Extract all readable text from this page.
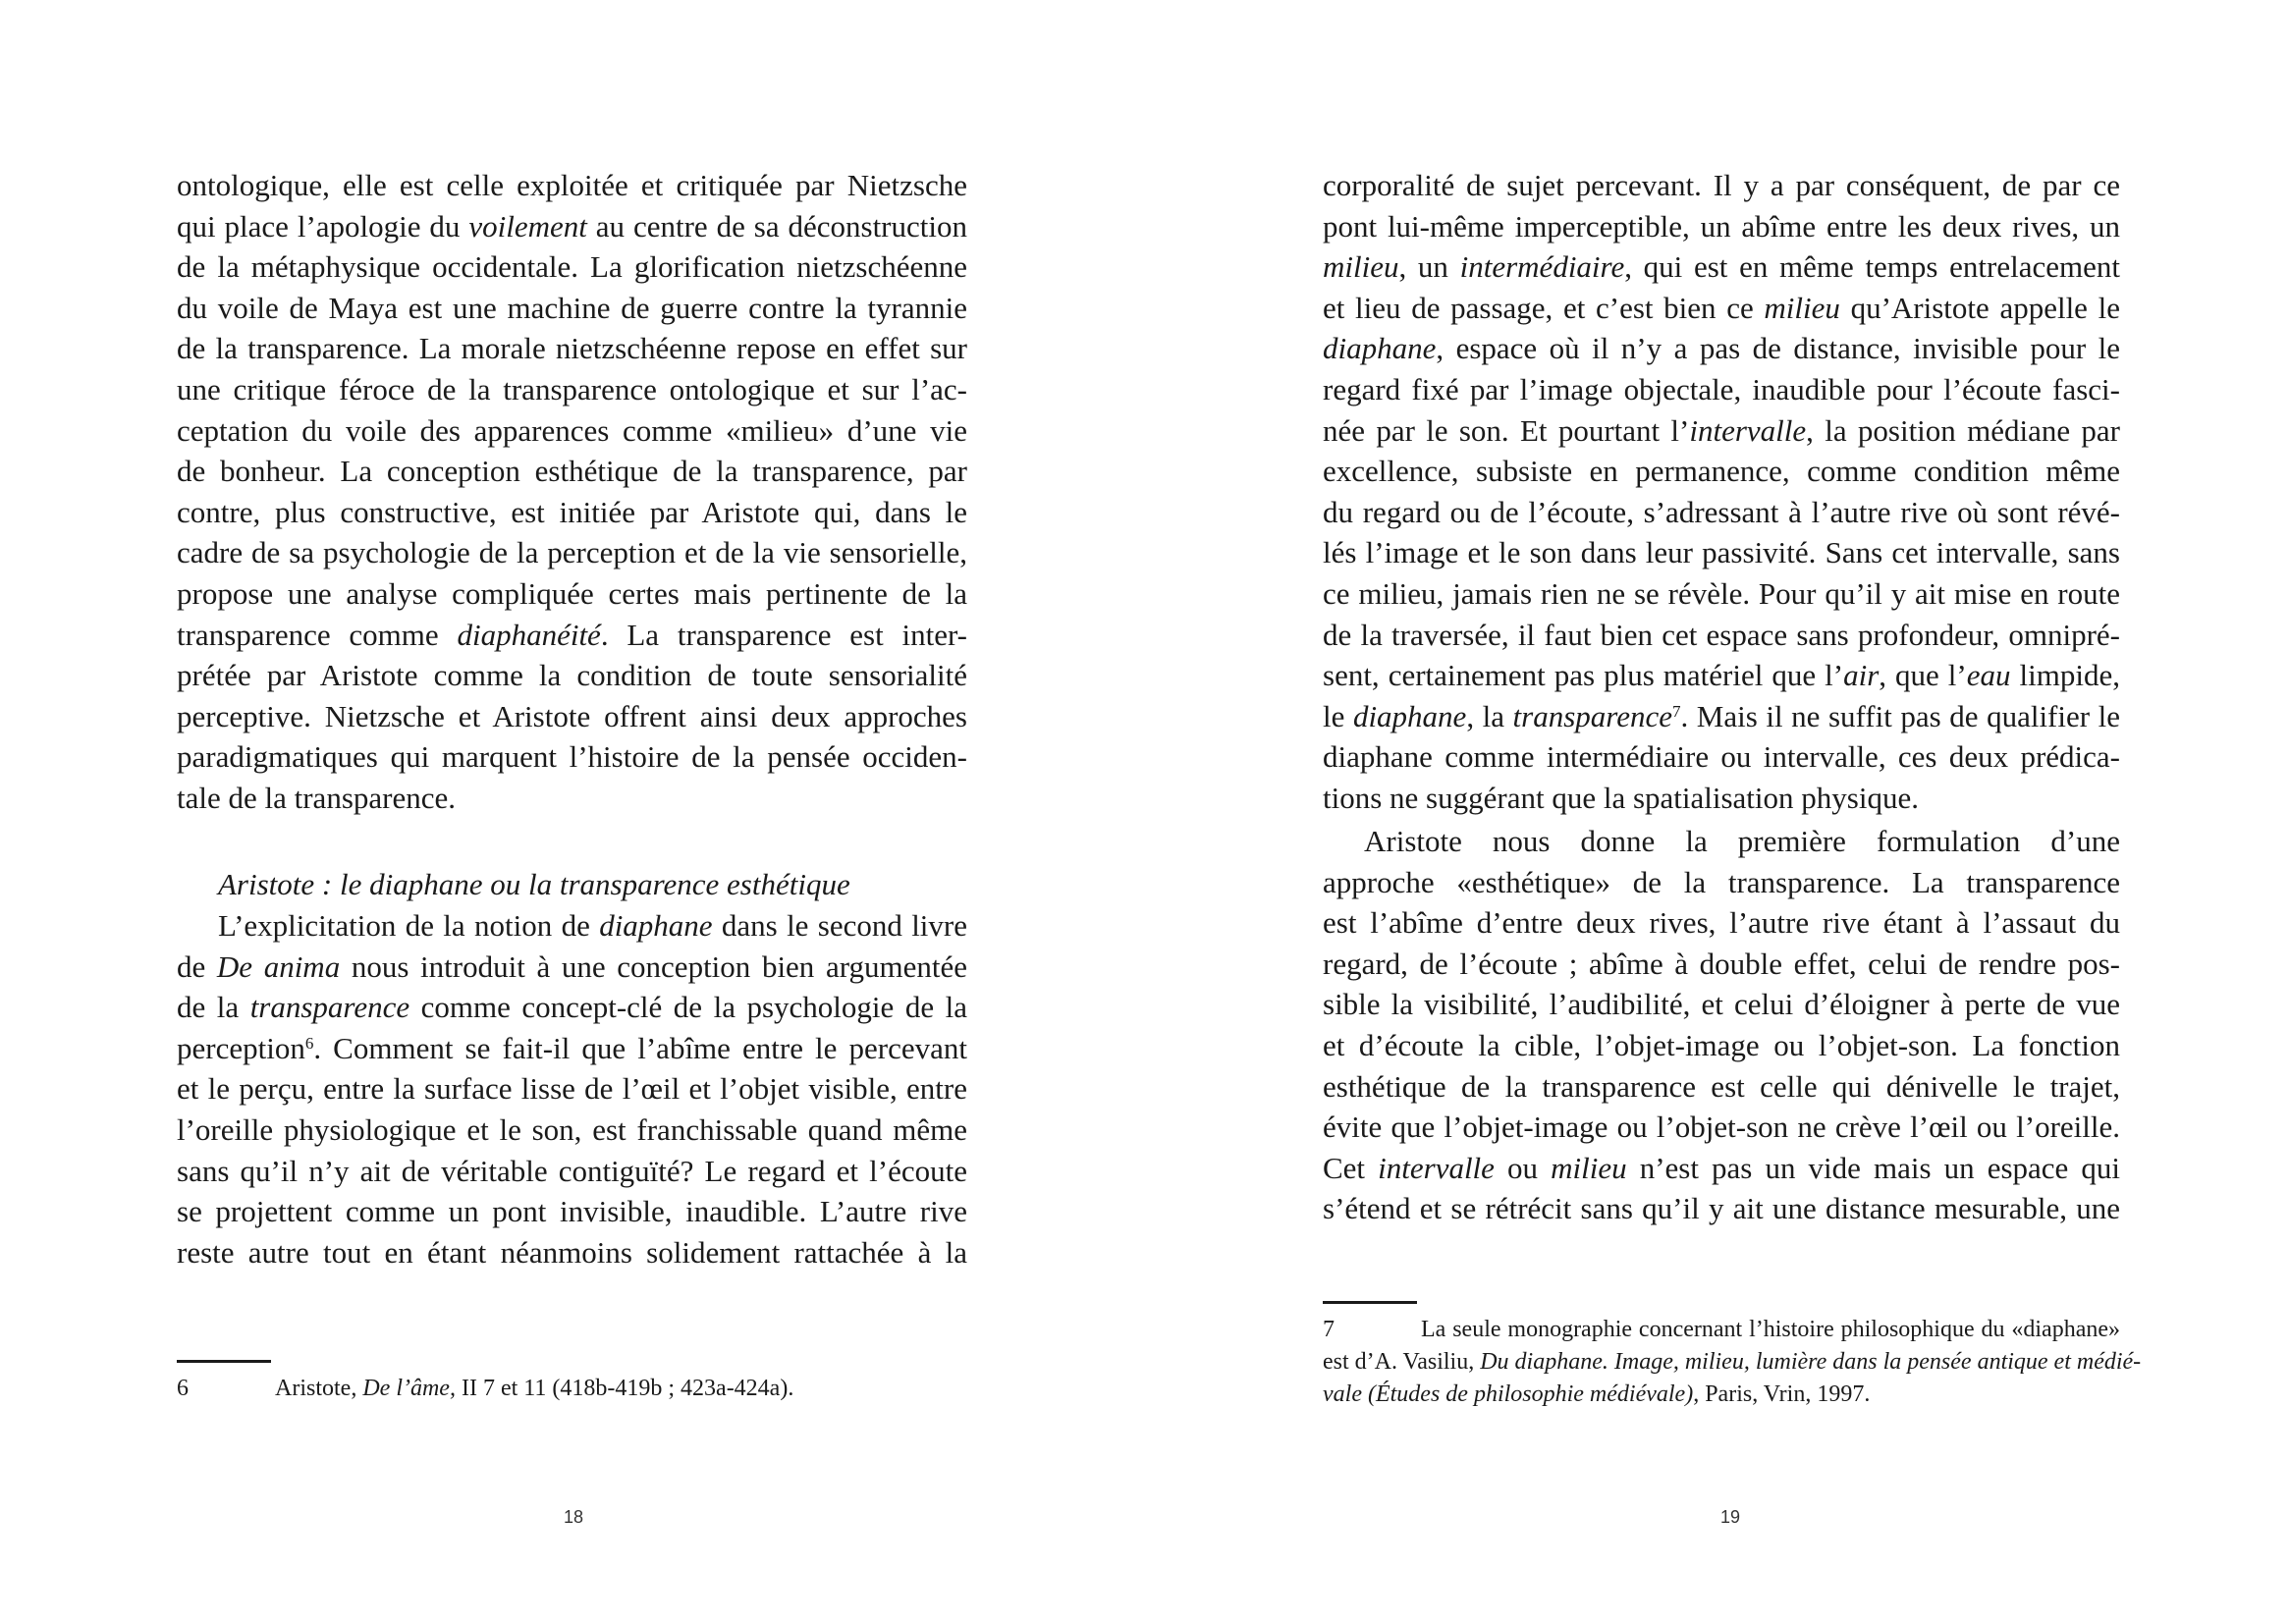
ontologique, elle est celle exploitée et critiquée par Nietzsche
qui place l’apologie du voilement au centre de sa déconstruction
de la métaphysique occidentale. La glorification nietzschéenne
du voile de Maya est une machine de guerre contre la tyrannie
de la transparence. La morale nietzschéenne repose en effet sur
une critique féroce de la transparence ontologique et sur l’ac-
ceptation du voile des apparences comme «milieu» d’une vie
de bonheur. La conception esthétique de la transparence, par
contre, plus constructive, est initiée par Aristote qui, dans le
cadre de sa psychologie de la perception et de la vie sensorielle,
propose une analyse compliquée certes mais pertinente de la
transparence comme diaphanéité. La transparence est inter-
prétée par Aristote comme la condition de toute sensorialité
perceptive. Nietzsche et Aristote offrent ainsi deux approches
paradigmatiques qui marquent l’histoire de la pensée occiden-
tale de la transparence.
Aristote : le diaphane ou la transparence esthétique
L’explicitation de la notion de diaphane dans le second livre
de De anima nous introduit à une conception bien argumentée
de la transparence comme concept-clé de la psychologie de la
perception$^6$. Comment se fait-il que l’abîme entre le percevant
et le perçu, entre la surface lisse de l’œil et l’objet visible, entre
l’oreille physiologique et le son, est franchissable quand même
sans qu’il n’y ait de véritable contiguïté? Le regard et l’écoute
se projettent comme un pont invisible, inaudible. L’autre rive
reste autre tout en étant néanmoins solidement rattachée à la
6	Aristote, De l’âme, II 7 et 11 (418b-419b ; 423a-424a).
18
corporalité de sujet percevant. Il y a par conséquent, de par ce
pont lui-même imperceptible, un abîme entre les deux rives, un
milieu, un intermédiaire, qui est en même temps entrelacement
et lieu de passage, et c’est bien ce milieu qu’Aristote appelle le
diaphane, espace où il n’y a pas de distance, invisible pour le
regard fixé par l’image objectale, inaudible pour l’écoute fasci-
née par le son. Et pourtant l’intervalle, la position médiane par
excellence, subsiste en permanence, comme condition même
du regard ou de l’écoute, s’adressant à l’autre rive où sont révé-
lés l’image et le son dans leur passivité. Sans cet intervalle, sans
ce milieu, jamais rien ne se révèle. Pour qu’il y ait mise en route
de la traversée, il faut bien cet espace sans profondeur, omnipré-
sent, certainement pas plus matériel que l’air, que l’eau limpide,
le diaphane, la transparence$^7$. Mais il ne suffit pas de qualifier le
diaphane comme intermédiaire ou intervalle, ces deux prédica-
tions ne suggérant que la spatialisation physique.
Aristote nous donne la première formulation d’une
approche «esthétique» de la transparence. La transparence
est l’abîme d’entre deux rives, l’autre rive étant à l’assaut du
regard, de l’écoute ; abîme à double effet, celui de rendre pos-
sible la visibilité, l’audibilité, et celui d’éloigner à perte de vue
et d’écoute la cible, l’objet-image ou l’objet-son. La fonction
esthétique de la transparence est celle qui dénivelle le trajet,
évite que l’objet-image ou l’objet-son ne crève l’œil ou l’oreille.
Cet intervalle ou milieu n’est pas un vide mais un espace qui
s’étend et se rétrécit sans qu’il y ait une distance mesurable, une
7	La seule monographie concernant l’histoire philosophique du «diaphane»
est d’A. Vasiliu, Du diaphane. Image, milieu, lumière dans la pensée antique et médié-
vale (Études de philosophie médiévale), Paris, Vrin, 1997.
19
